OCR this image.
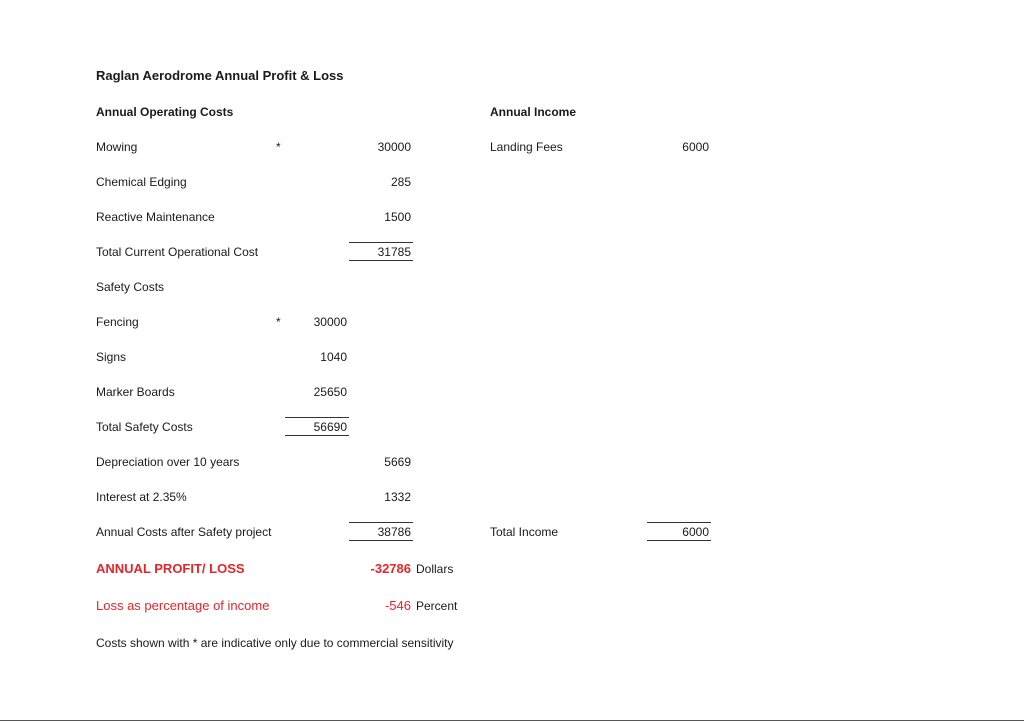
Raglan Aerodrome Annual Profit & Loss
Annual Operating Costs	Annual Income
Mowing	*	30000	Landing Fees	6000
Chemical Edging	285
Reactive Maintenance	1500
Total Current Operational Cost	31785
Safety Costs
Fencing	*	30000
Signs	1040
Marker Boards	25650
Total Safety Costs	56690
Depreciation over 10 years	5669
Interest at 2.35%	1332
Annual Costs after Safety project	38786	Total Income	6000
ANNUAL PROFIT/ LOSS	-32786 Dollars
Loss as percentage of income	-546 Percent
Costs shown with * are indicative only due to commercial sensitivity
